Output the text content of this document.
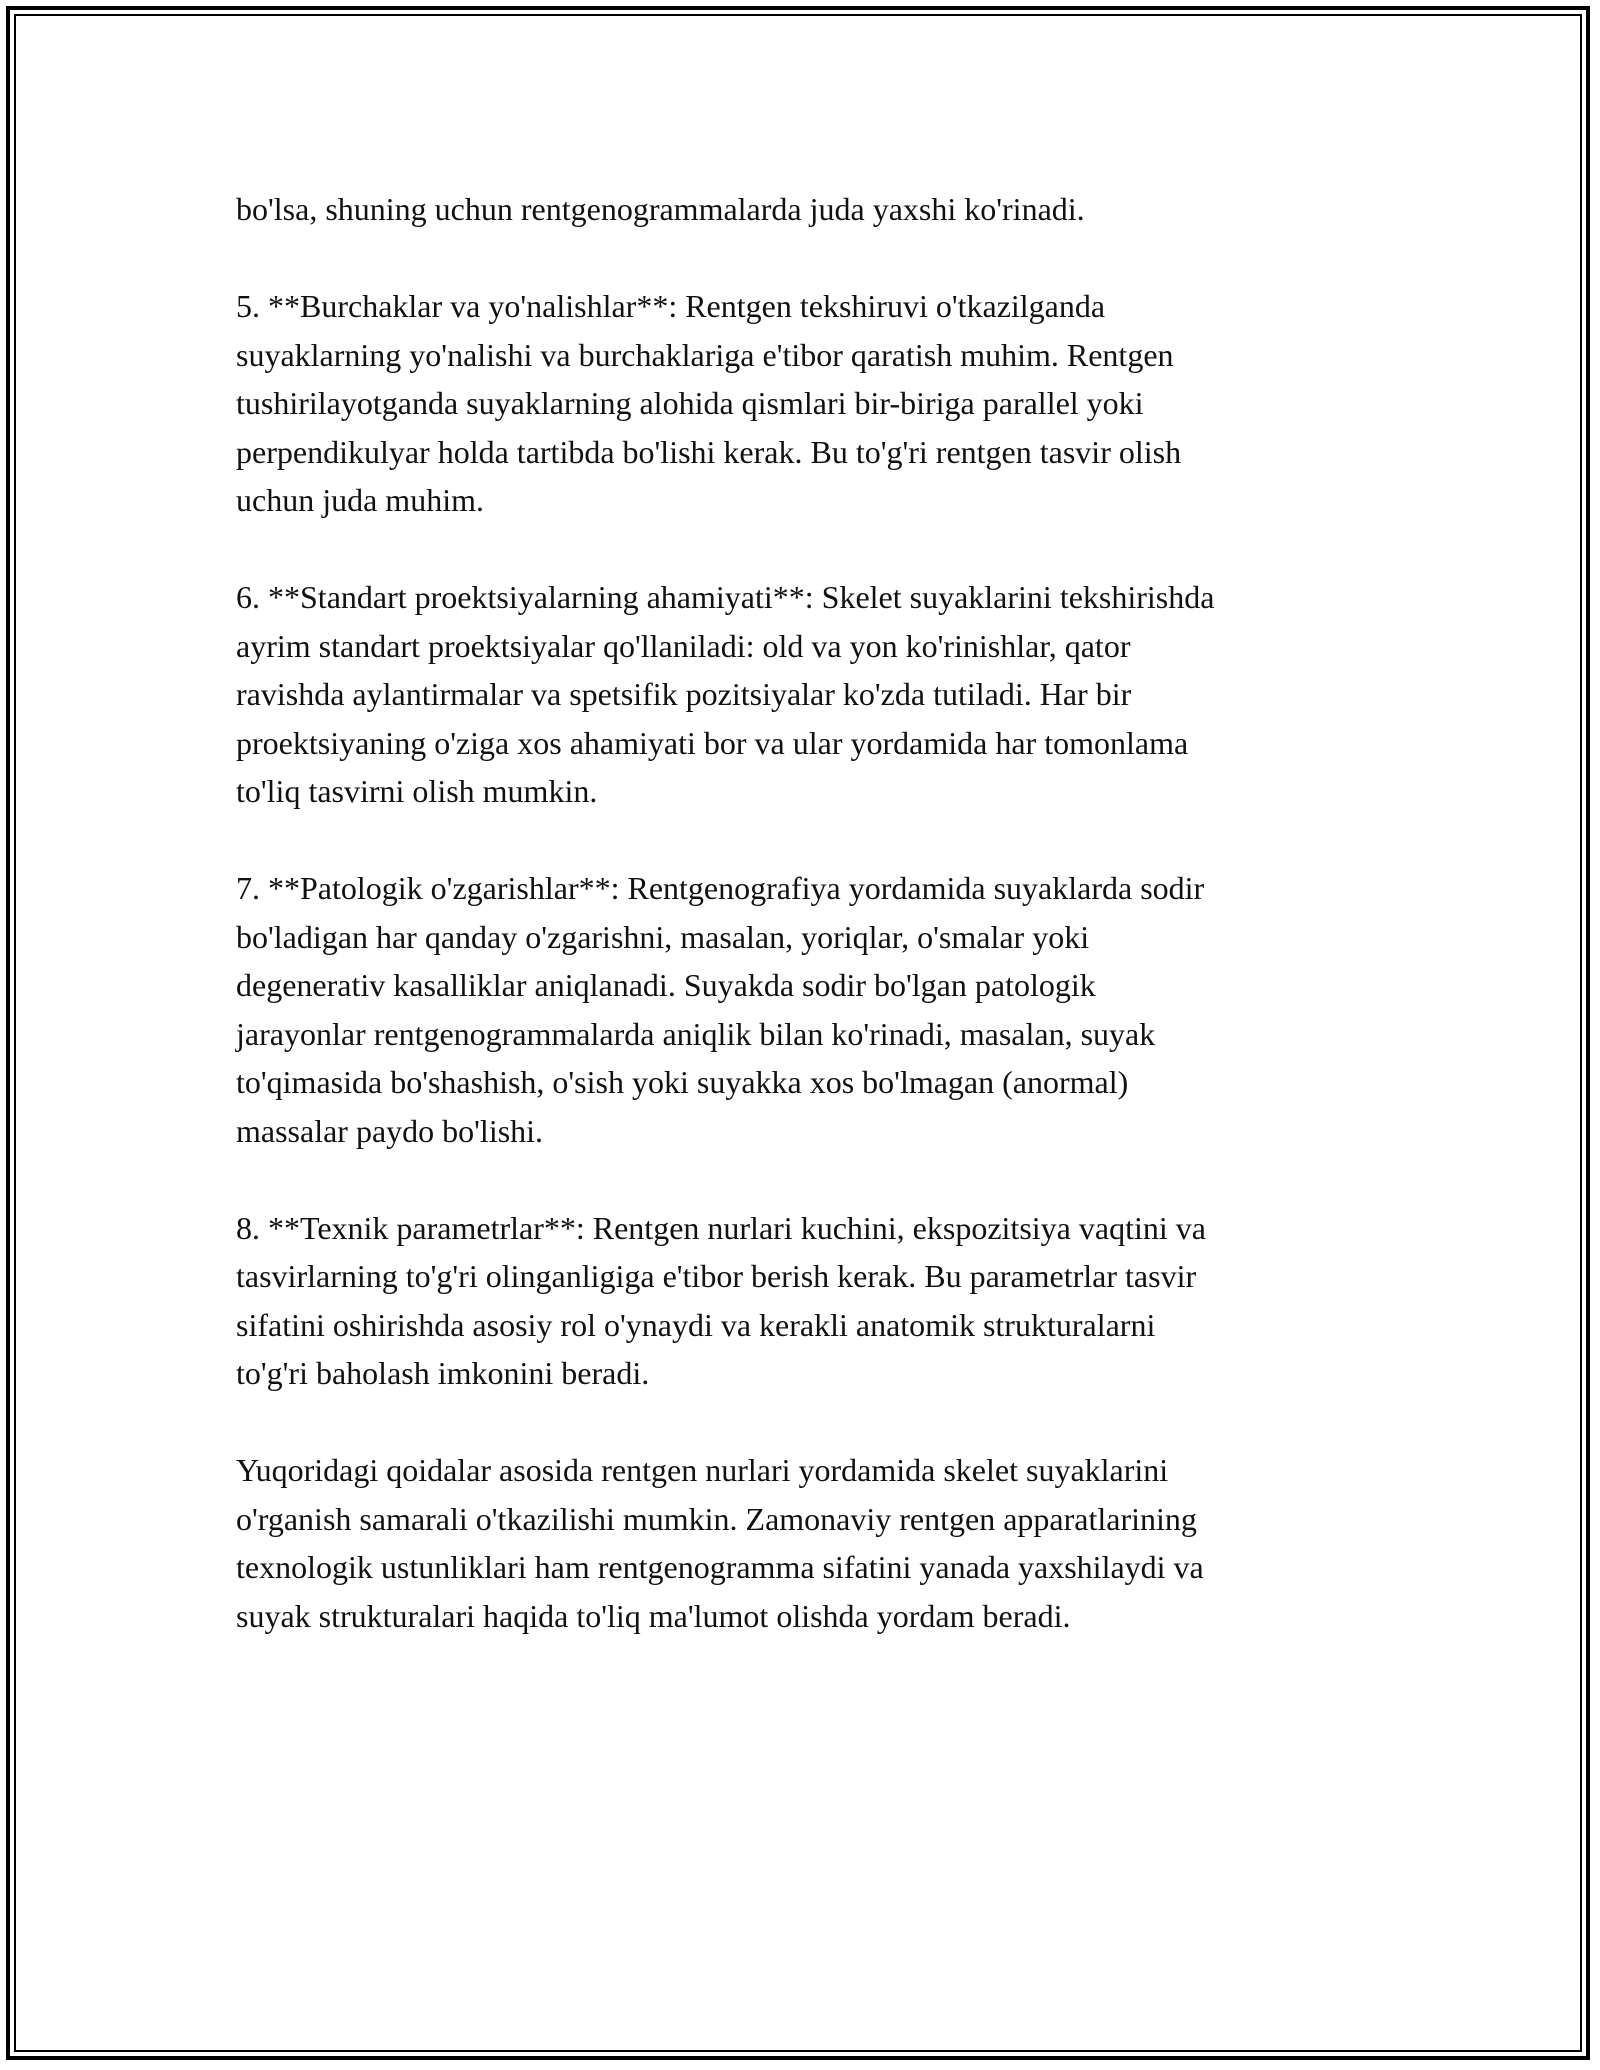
bo'lsa, shuning uchun rentgenogrammalarda juda yaxshi ko'rinadi.

5. **Burchaklar va yo'nalishlar**: Rentgen tekshiruvi o'tkazilganda
suyaklarning yo'nalishi va burchaklariga e'tibor qaratish muhim. Rentgen
tushirilayotganda suyaklarning alohida qismlari bir-biriga parallel yoki
perpendikulyar holda tartibda bo'lishi kerak. Bu to'g'ri rentgen tasvir olish
uchun juda muhim.

6. **Standart proektsiyalarning ahamiyati**: Skelet suyaklarini tekshirishda
ayrim standart proektsiyalar qo'llaniladi: old va yon ko'rinishlar, qator
ravishda aylantirmalar va spetsifik pozitsiyalar ko'zda tutiladi. Har bir
proektsiyaning o'ziga xos ahamiyati bor va ular yordamida har tomonlama
to'liq tasvirni olish mumkin.

7. **Patologik o'zgarishlar**: Rentgenografiya yordamida suyaklarda sodir
bo'ladigan har qanday o'zgarishni, masalan, yoriqlar, o'smalar yoki
degenerativ kasalliklar aniqlanadi. Suyakda sodir bo'lgan patologik
jarayonlar rentgenogrammalarda aniqlik bilan ko'rinadi, masalan, suyak
to'qimasida bo'shashish, o'sish yoki suyakka xos bo'lmagan (anormal)
massalar paydo bo'lishi.

8. **Texnik parametrlar**: Rentgen nurlari kuchini, ekspozitsiya vaqtini va
tasvirlarning to'g'ri olinganligiga e'tibor berish kerak. Bu parametrlar tasvir
sifatini oshirishda asosiy rol o'ynaydi va kerakli anatomik strukturalarni
to'g'ri baholash imkonini beradi.

Yuqoridagi qoidalar asosida rentgen nurlari yordamida skelet suyaklarini
o'rganish samarali o'tkazilishi mumkin. Zamonaviy rentgen apparatlarining
texnologik ustunliklari ham rentgenogramma sifatini yanada yaxshilaydi va
suyak strukturalari haqida to'liq ma'lumot olishda yordam beradi.
